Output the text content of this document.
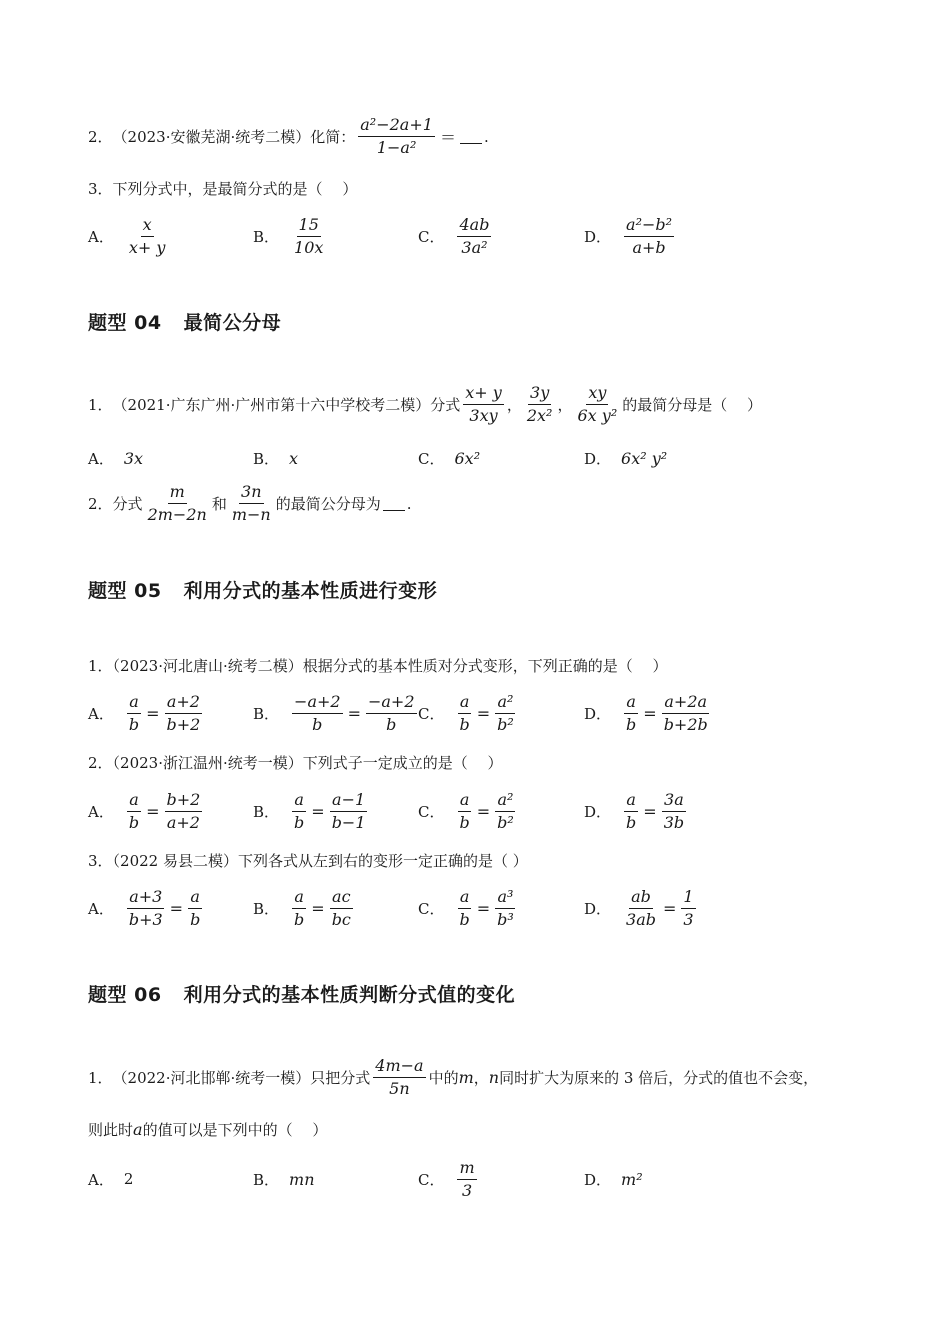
2． （2023·安徽芜湖·统考二模）化简： $\frac{\text{a²−2a+1}}{\text{1−a²}}$ ＝ .
3．下列分式中，是最简分式的是（　 ）
A． $\frac{x}{x+ y}$	B． $\frac{15}{10x}$	C． $\frac{4ab}{\text{3a²}}$	D． $\frac{\text{a²−b²}}{a+b}$
题型 04 最简公分母
1． （2021·广东广州·广州市第十六中学校考二模）分式 $\frac{x+ y}{3xy}$ ， $\frac{3y}{\text{2x²}}$ ， $\frac{xy}{\text{6x y²}}$ 的最简分母是（　 ）
A． 3x	B． x	C． 6x²	D． 6x² y²
2． 分式 $\frac{m}{2m-2n}$ 和 $\frac{3n}{m-n}$ 的最简公分母为 .
题型 05 利用分式的基本性质进行变形
1．（2023·河北唐山·统考二模）根据分式的基本性质对分式变形，下列正确的是（　 ）
A． $\frac{a}{b} = \frac{a+2}{b+2}$	B． $\frac{-a+2}{b} = \frac{-a+2}{b}$ C． $\frac{a}{b} = \frac{\text{a²}}{\text{b²}}$	D． $\frac{a}{b} = \frac{a+2a}{b+2b}$
2．（2023·浙江温州·统考一模）下列式子一定成立的是（　 ）
A． $\frac{a}{b} = \frac{b+2}{a+2}$	B． $\frac{a}{b} = \frac{a-1}{b-1}$	C． $\frac{a}{b} = \frac{\text{a²}}{\text{b²}}$	D． $\frac{a}{b} = \frac{3a}{3b}$
3．（2022 易县二模）下列各式从左到右的变形一定正确的是（ ）
A． $\frac{a+3}{b+3} = \frac{a}{b}$	B． $\frac{a}{b} = \frac{ac}{bc}$	C． $\frac{a}{b} = \frac{\text{a³}}{\text{b³}}$	D． $\frac{ab}{3ab} = \frac{1}{3}$
题型 06 利用分式的基本性质判断分式值的变化
1． （2022·河北邯郸·统考一模）只把分式 $\frac{4m-a}{5n}$ 中的 m ， n 同时扩大为原来的 3 倍后，分式的值也不会变，
则此时 a 的值可以是下列中的（　 ）
A． 2	B． mn	C． $\frac{m}{3}$	D． m²
